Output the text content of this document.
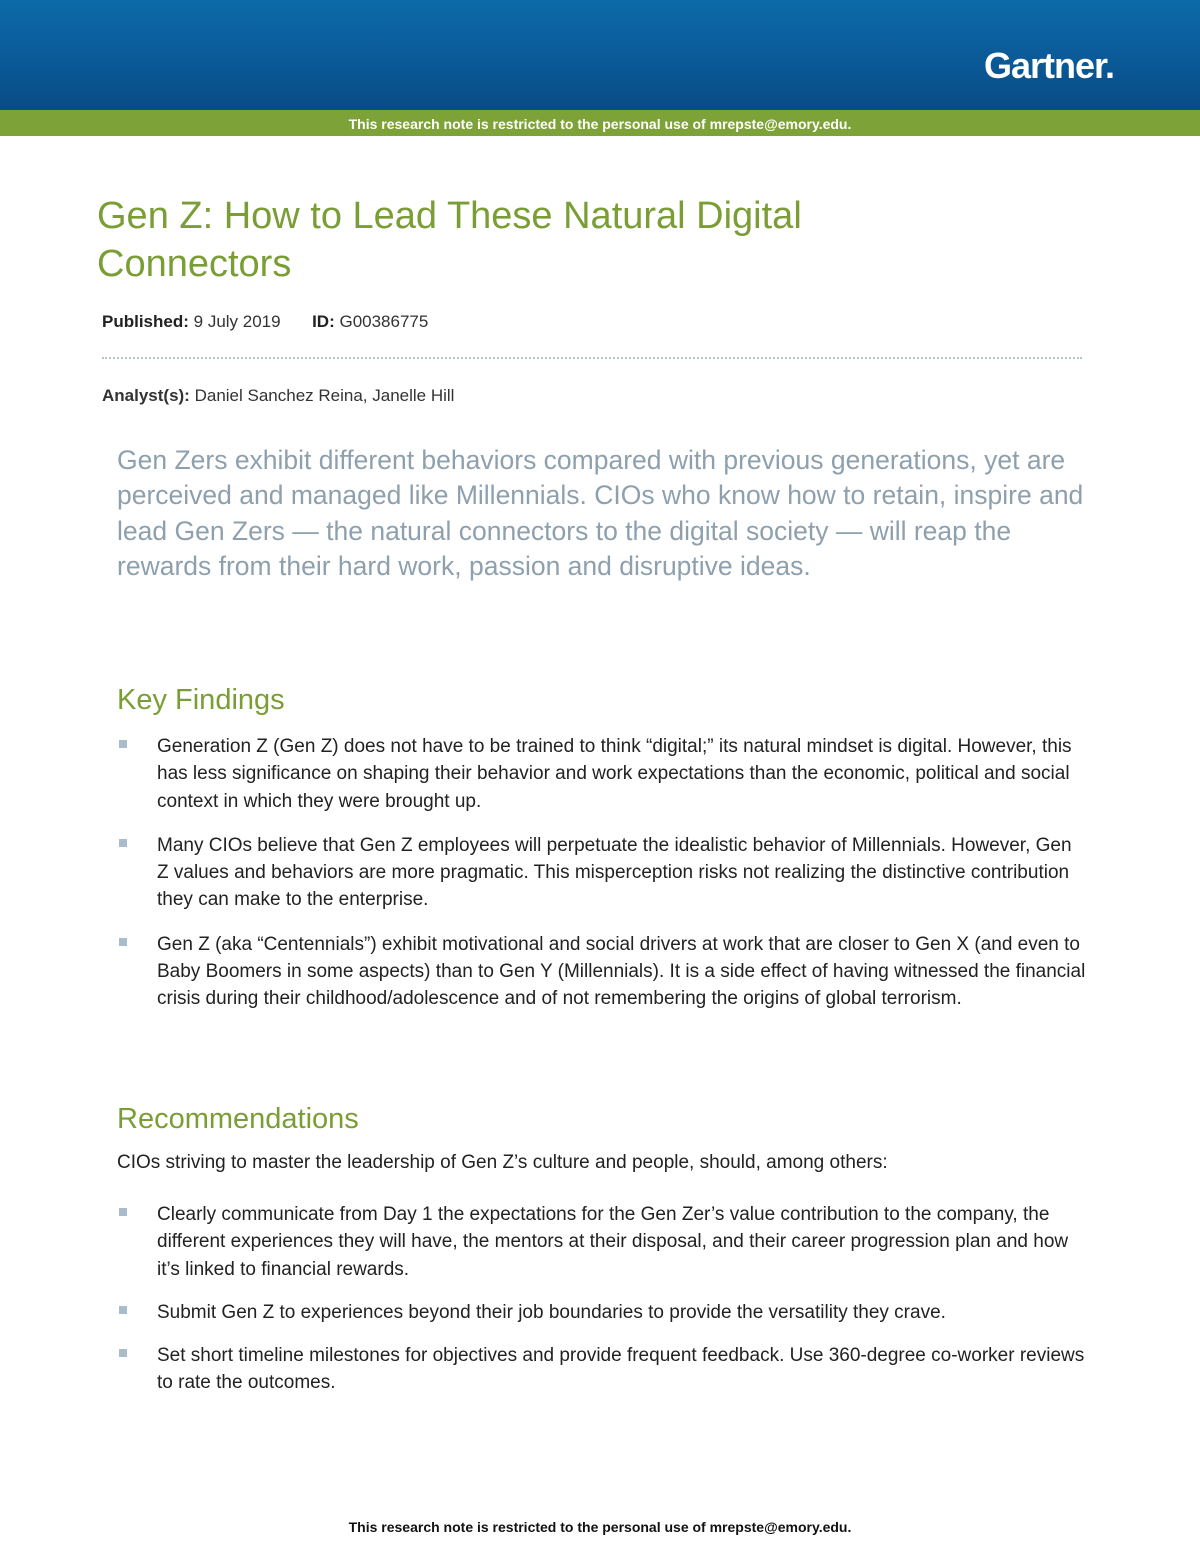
Gartner.
This research note is restricted to the personal use of mrepste@emory.edu.
Gen Z: How to Lead These Natural Digital Connectors
Published: 9 July 2019 ID: G00386775
Analyst(s): Daniel Sanchez Reina, Janelle Hill

Gen Zers exhibit different behaviors compared with previous generations, yet are perceived and managed like Millennials. CIOs who know how to retain, inspire and lead Gen Zers — the natural connectors to the digital society — will reap the rewards from their hard work, passion and disruptive ideas.

Key Findings
Generation Z (Gen Z) does not have to be trained to think “digital;” its natural mindset is digital. However, this has less significance on shaping their behavior and work expectations than the economic, political and social context in which they were brought up.
Many CIOs believe that Gen Z employees will perpetuate the idealistic behavior of Millennials. However, Gen Z values and behaviors are more pragmatic. This misperception risks not realizing the distinctive contribution they can make to the enterprise.
Gen Z (aka “Centennials”) exhibit motivational and social drivers at work that are closer to Gen X (and even to Baby Boomers in some aspects) than to Gen Y (Millennials). It is a side effect of having witnessed the financial crisis during their childhood/adolescence and of not remembering the origins of global terrorism.
Recommendations

CIOs striving to master the leadership of Gen Z’s culture and people, should, among others:

Clearly communicate from Day 1 the expectations for the Gen Zer’s value contribution to the company, the different experiences they will have, the mentors at their disposal, and their career progression plan and how it’s linked to financial rewards.
Submit Gen Z to experiences beyond their job boundaries to provide the versatility they crave.
Set short timeline milestones for objectives and provide frequent feedback. Use 360-degree co-worker reviews to rate the outcomes.
This research note is restricted to the personal use of mrepste@emory.edu.
